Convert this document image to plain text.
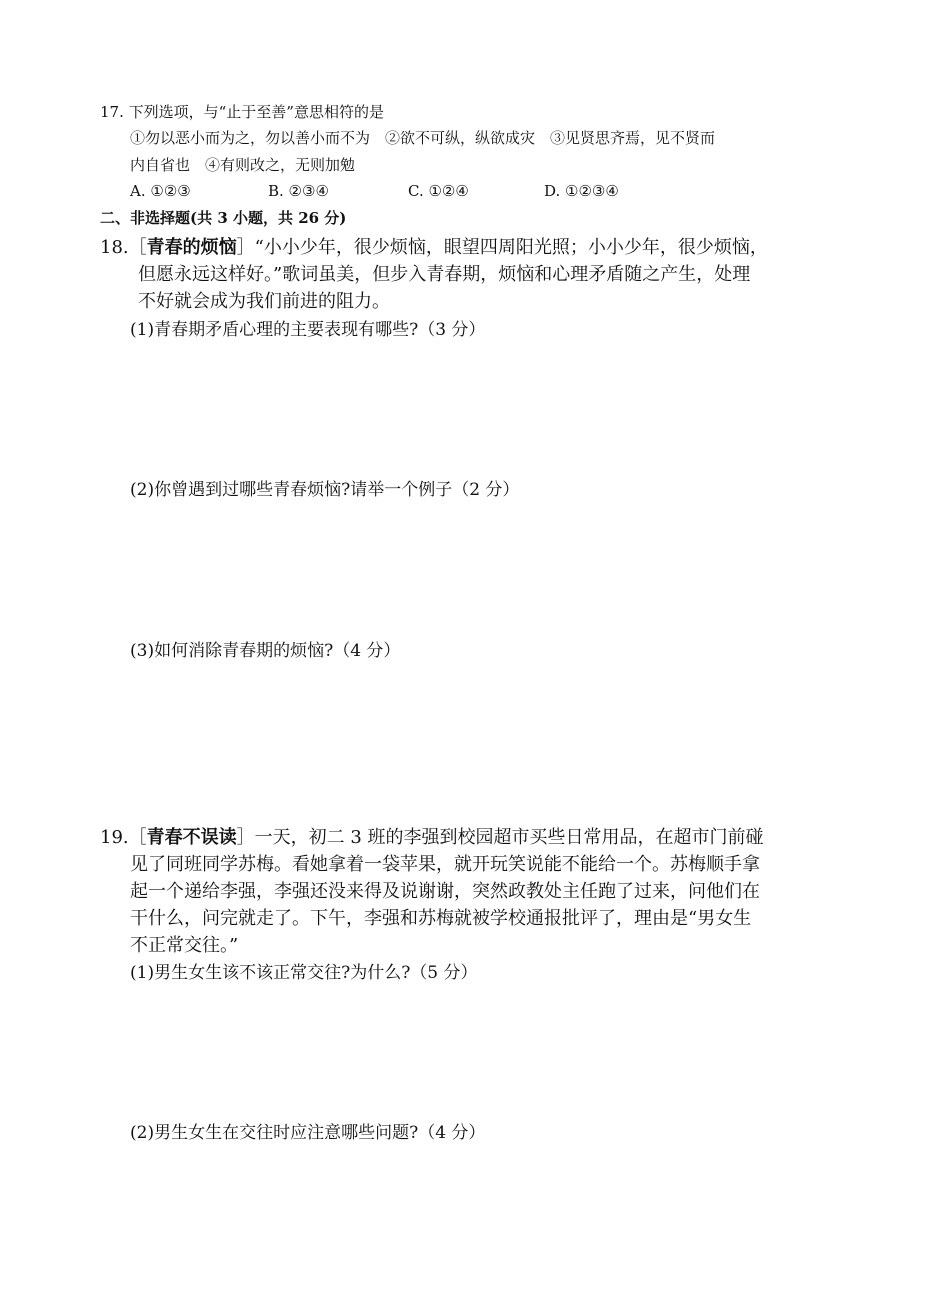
17. 下列选项，与“止于至善”意思相符的是
①勿以恶小而为之，勿以善小而不为　②欲不可纵，纵欲成灾　③见贤思齐焉，见不贤而
内自省也　④有则改之，无则加勉
A. ①②③	B. ②③④	C. ①②④	D. ①②③④
二、非选择题(共 3 小题，共 26 分)
18.［青春的烦恼］“小小少年，很少烦恼，眼望四周阳光照；小小少年，很少烦恼，
但愿永远这样好。”歌词虽美，但步入青春期，烦恼和心理矛盾随之产生，处理
不好就会成为我们前进的阻力。
(1)青春期矛盾心理的主要表现有哪些?（3 分）
(2)你曾遇到过哪些青春烦恼?请举一个例子（2 分）
(3)如何消除青春期的烦恼?（4 分）
19.［青春不误读］一天，初二 3 班的李强到校园超市买些日常用品，在超市门前碰
见了同班同学苏梅。看她拿着一袋苹果，就开玩笑说能不能给一个。苏梅顺手拿
起一个递给李强，李强还没来得及说谢谢，突然政教处主任跑了过来，问他们在
干什么，问完就走了。下午，李强和苏梅就被学校通报批评了，理由是“男女生
不正常交往。”
(1)男生女生该不该正常交往?为什么?（5 分）
(2)男生女生在交往时应注意哪些问题?（4 分）
